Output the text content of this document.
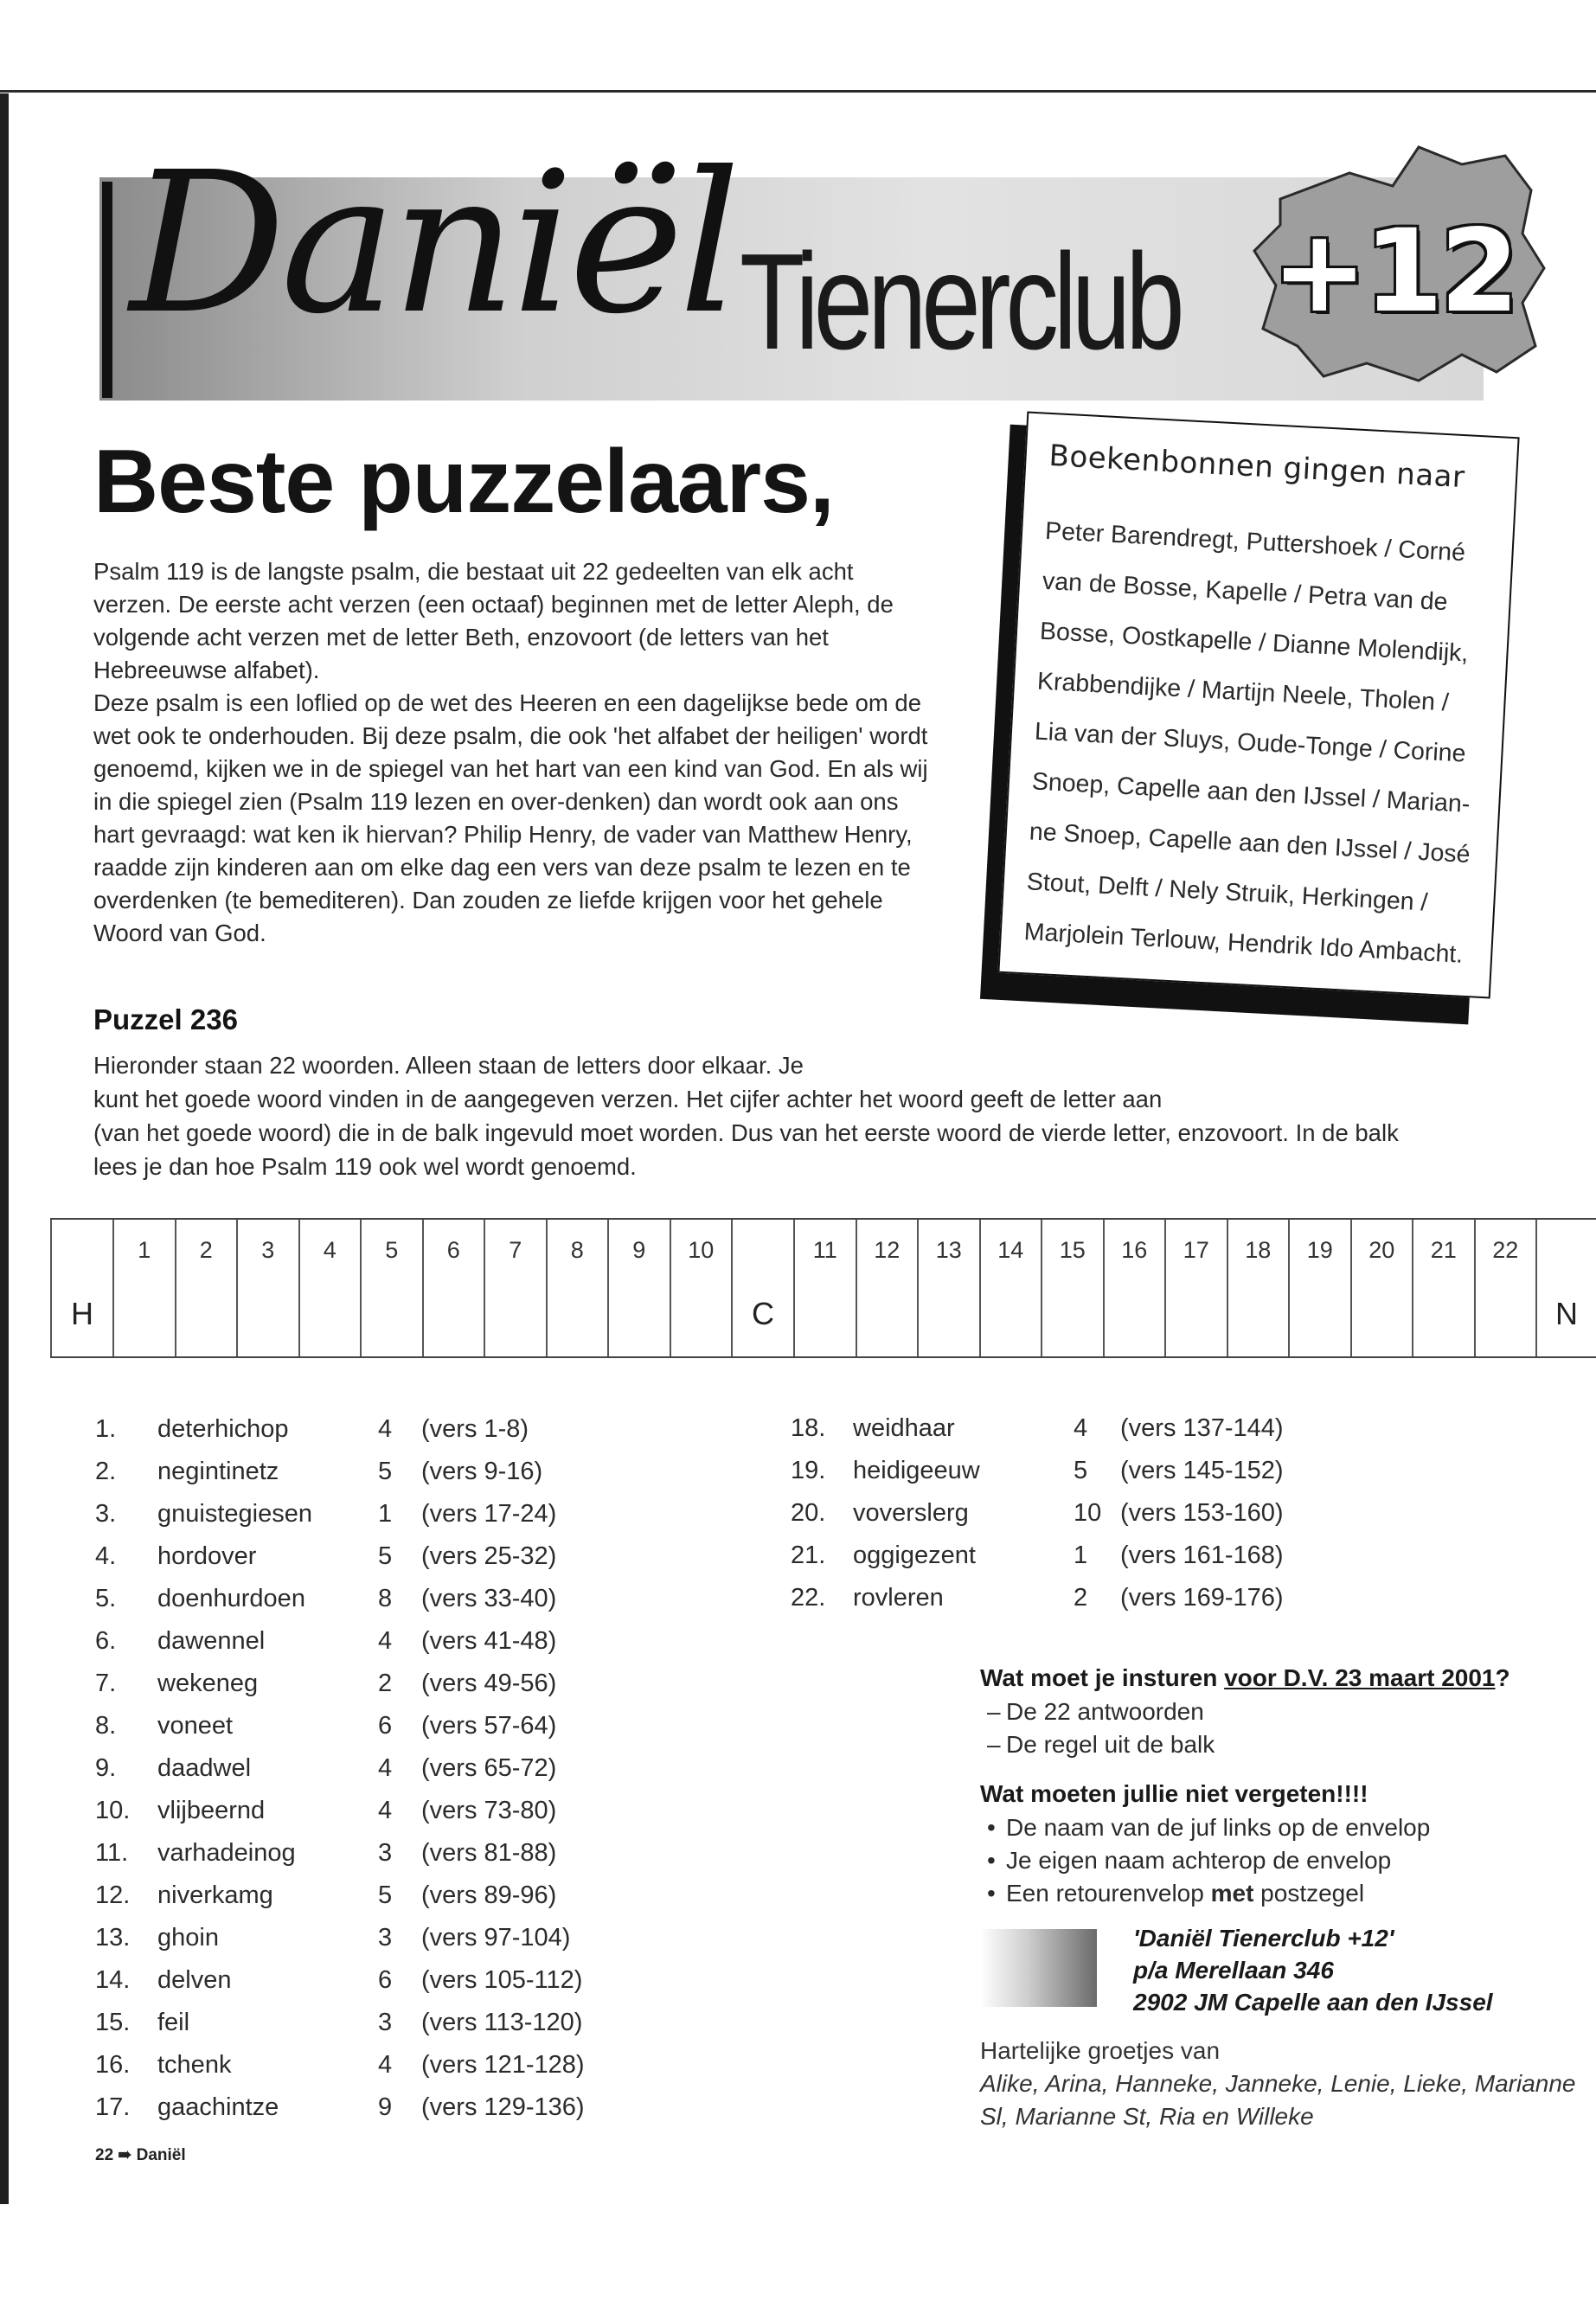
Daniël Tienerclub +12
Beste puzzelaars,

Psalm 119 is de langste psalm, die bestaat uit 22 gedeelten van elk acht verzen. De eerste acht verzen (een octaaf) beginnen met de letter Aleph, de volgende acht verzen met de letter Beth, enzovoort (de letters van het Hebreeuwse alfabet).

Deze psalm is een loflied op de wet des Heeren en een dagelijkse bede om de wet ook te onderhouden. Bij deze psalm, die ook 'het alfabet der heiligen' wordt genoemd, kijken we in de spiegel van het hart van een kind van God. En als wij in die spiegel zien (Psalm 119 lezen en over-denken) dan wordt ook aan ons hart gevraagd: wat ken ik hiervan? Philip Henry, de vader van Matthew Henry, raadde zijn kinderen aan om elke dag een vers van deze psalm te lezen en te overdenken (te bemediteren). Dan zouden ze liefde krijgen voor het gehele Woord van God.

Boekenbonnen gingen naar
Peter Barendregt, Puttershoek / Corné van de Bosse, Kapelle / Petra van de Bosse, Oostkapelle / Dianne Molendijk, Krabbendijke / Martijn Neele, Tholen / Lia van der Sluys, Oude-Tonge / Corine Snoep, Capelle aan den IJssel / Marian-ne Snoep, Capelle aan den IJssel / José Stout, Delft / Nely Struik, Herkingen / Marjolein Terlouw, Hendrik Ido Ambacht.
Puzzel 236

Hieronder staan 22 woorden. Alleen staan de letters door elkaar. Je

kunt het goede woord vinden in de aangegeven verzen. Het cijfer achter het woord geeft de letter aan

(van het goede woord) die in de balk ingevuld moet worden. Dus van het eerste woord de vierde letter, enzovoort. In de balk

lees je dan hoe Psalm 119 ook wel wordt genoemd.

H
1	2	3	4	5	6	7	8	9	10
C
11	12	13	14	15	16	17	18	19	20	21	22
N
1.	deterhichop	4	(vers 1-8)
2.	negintinetz	5	(vers 9-16)
3.	gnuistegiesen	1	(vers 17-24)
4.	hordover	5	(vers 25-32)
5.	doenhurdoen	8	(vers 33-40)
6.	dawennel	4	(vers 41-48)
7.	wekeneg	2	(vers 49-56)
8.	voneet	6	(vers 57-64)
9.	daadwel	4	(vers 65-72)
10.	vlijbeernd	4	(vers 73-80)
11.	varhadeinog	3	(vers 81-88)
12.	niverkamg	5	(vers 89-96)
13.	ghoin	3	(vers 97-104)
14.	delven	6	(vers 105-112)
15.	feil	3	(vers 113-120)
16.	tchenk	4	(vers 121-128)
17.	gaachintze	9	(vers 129-136)
18.	weidhaar	4	(vers 137-144)
19.	heidigeeuw	5	(vers 145-152)
20.	voverslerg	10 (vers 153-160)
21.	oggigezent	1	(vers 161-168)
22.	rovleren	2	(vers 169-176)

Wat moet je insturen voor D.V. 23 maart 2001?

– De 22 antwoorden
– De regel uit de balk

Wat moeten jullie niet vergeten!!!!

• De naam van de juf links op de envelop
• Je eigen naam achterop de envelop
• Een retourenvelop met postzegel
'Daniël Tienerclub +12'
p/a Merellaan 346
2902 JM Capelle aan den IJssel
Hartelijke groetjes van
Alike, Arina, Hanneke, Janneke, Lenie, Lieke, Marianne Sl, Marianne St, Ria en Willeke
22 ➠ Daniël
